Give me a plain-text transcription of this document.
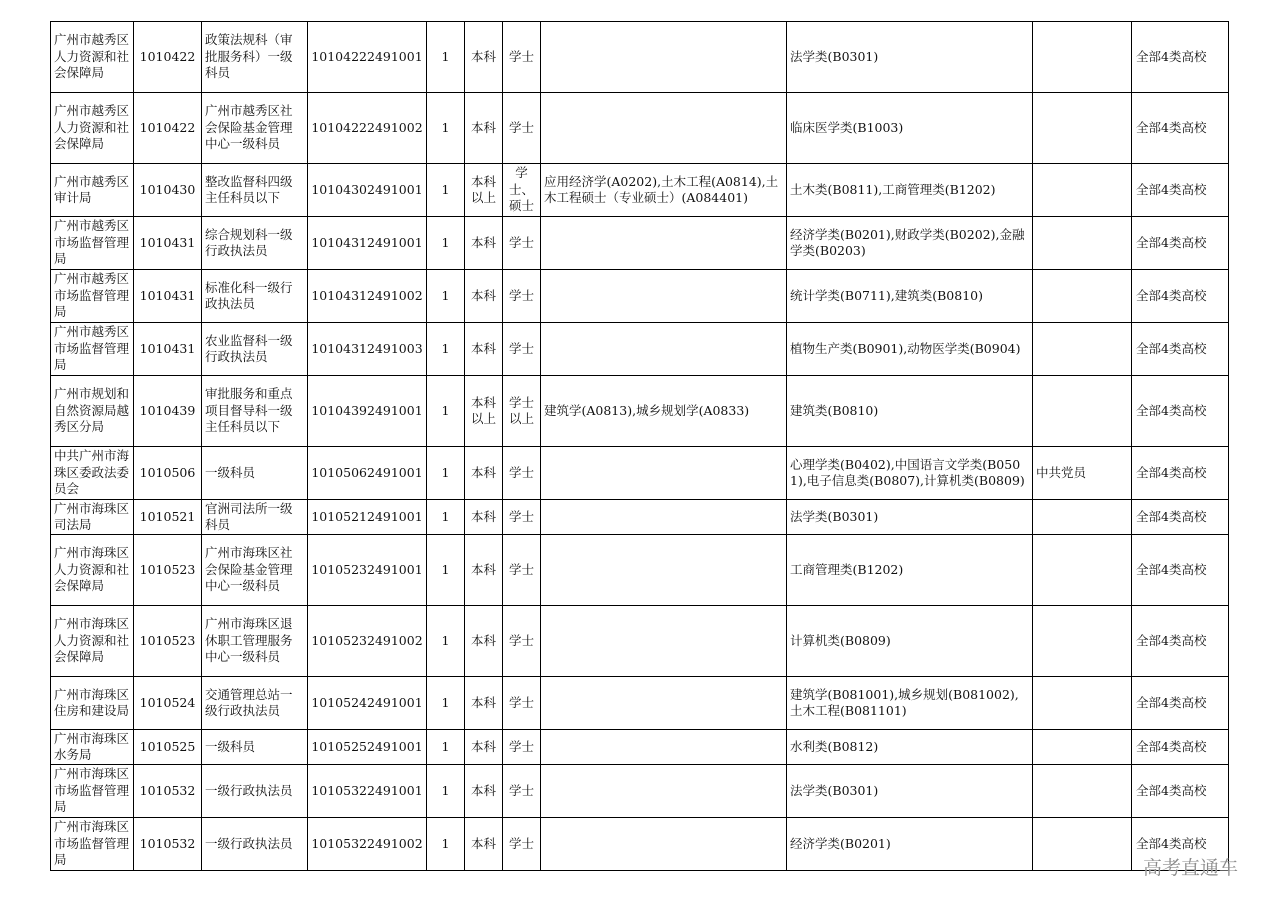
广州市越秀区人力资源和社会保障局	1010422	政策法规科（审批服务科）一级科员	10104222491001	1	本科	学士		法学类(B0301)		全部4类高校
广州市越秀区人力资源和社会保障局	1010422	广州市越秀区社会保险基金管理中心一级科员	10104222491002	1	本科	学士		临床医学类(B1003)		全部4类高校
广州市越秀区审计局	1010430	整改监督科四级主任科员以下	10104302491001	1	本科以上	学士、硕士	应用经济学(A0202),土木工程(A0814),土木工程硕士（专业硕士）(A084401)	土木类(B0811),工商管理类(B1202)		全部4类高校
广州市越秀区市场监督管理局	1010431	综合规划科一级行政执法员	10104312491001	1	本科	学士		经济学类(B0201),财政学类(B0202),金融学类(B0203)		全部4类高校
广州市越秀区市场监督管理局	1010431	标准化科一级行政执法员	10104312491002	1	本科	学士		统计学类(B0711),建筑类(B0810)		全部4类高校
广州市越秀区市场监督管理局	1010431	农业监督科一级行政执法员	10104312491003	1	本科	学士		植物生产类(B0901),动物医学类(B0904)		全部4类高校
广州市规划和自然资源局越秀区分局	1010439	审批服务和重点项目督导科一级主任科员以下	10104392491001	1	本科以上	学士以上	建筑学(A0813),城乡规划学(A0833)	建筑类(B0810)		全部4类高校
中共广州市海珠区委政法委员会	1010506	一级科员	10105062491001	1	本科	学士		心理学类(B0402),中国语言文学类(B0501),电子信息类(B0807),计算机类(B0809)	中共党员	全部4类高校
广州市海珠区司法局	1010521	官洲司法所一级科员	10105212491001	1	本科	学士		法学类(B0301)		全部4类高校
广州市海珠区人力资源和社会保障局	1010523	广州市海珠区社会保险基金管理中心一级科员	10105232491001	1	本科	学士		工商管理类(B1202)		全部4类高校
广州市海珠区人力资源和社会保障局	1010523	广州市海珠区退休职工管理服务中心一级科员	10105232491002	1	本科	学士		计算机类(B0809)		全部4类高校
广州市海珠区住房和建设局	1010524	交通管理总站一级行政执法员	10105242491001	1	本科	学士		建筑学(B081001),城乡规划(B081002),土木工程(B081101)		全部4类高校
广州市海珠区水务局	1010525	一级科员	10105252491001	1	本科	学士		水利类(B0812)		全部4类高校
广州市海珠区市场监督管理局	1010532	一级行政执法员	10105322491001	1	本科	学士		法学类(B0301)		全部4类高校
广州市海珠区市场监督管理局	1010532	一级行政执法员	10105322491002	1	本科	学士		经济学类(B0201)		全部4类高校
高考直通车
